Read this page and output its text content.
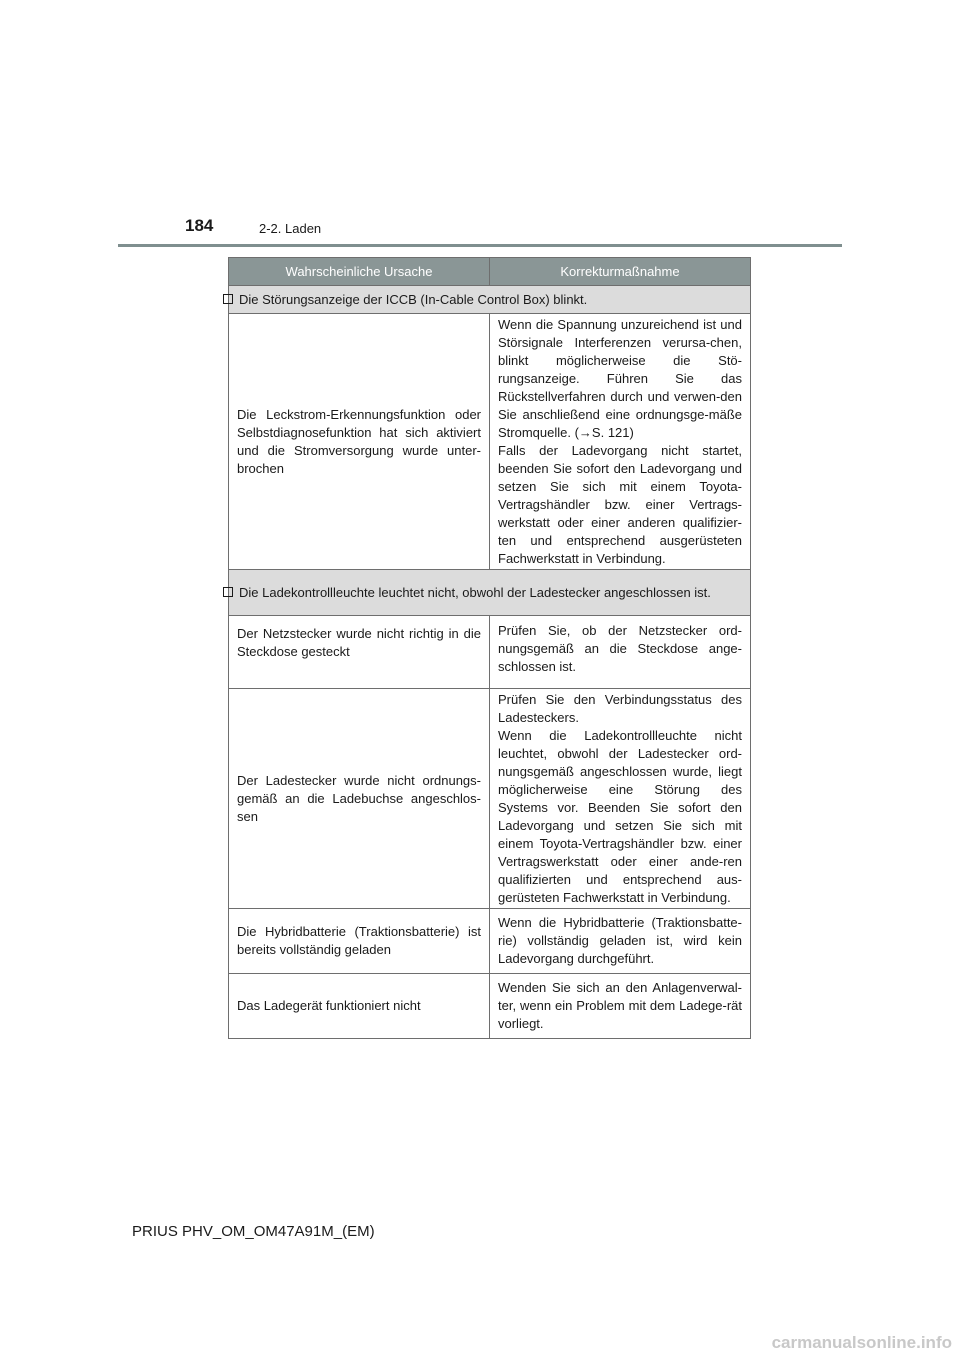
184	2-2. Laden
Wahrscheinliche Ursache	Korrekturmaßnahme
Die Störungsanzeige der ICCB (In-Cable Control Box) blinkt.	
Die Leckstrom-Erkennungsfunktion oder Selbstdiagnosefunktion hat sich aktiviert und die Stromversorgung wurde unter-brochen	Wenn die Spannung unzureichend ist und Störsignale Interferenzen verursa-chen, blinkt möglicherweise die Stö-rungsanzeige. Führen Sie das Rückstellverfahren durch und verwen-den Sie anschließend eine ordnungsge-mäße Stromquelle. (→S. 121)
Falls der Ladevorgang nicht startet, beenden Sie sofort den Ladevorgang und setzen Sie sich mit einem Toyota-Vertragshändler bzw. einer Vertrags-werkstatt oder einer anderen qualifizier-ten und entsprechend ausgerüsteten Fachwerkstatt in Verbindung.

Die Ladekontrollleuchte leuchtet nicht, obwohl der Ladestecker angeschlossen ist.	
Der Netzstecker wurde nicht richtig in die Steckdose gesteckt	Prüfen Sie, ob der Netzstecker ord-nungsgemäß an die Steckdose ange-schlossen ist.

Der Ladestecker wurde nicht ordnungs-gemäß an die Ladebuchse angeschlos-sen	Prüfen Sie den Verbindungsstatus des Ladesteckers.
Wenn die Ladekontrollleuchte nicht leuchtet, obwohl der Ladestecker ord-nungsgemäß angeschlossen wurde, liegt möglicherweise eine Störung des Systems vor. Beenden Sie sofort den Ladevorgang und setzen Sie sich mit einem Toyota-Vertragshändler bzw. einer Vertragswerkstatt oder einer ande-ren qualifizierten und entsprechend aus-gerüsteten Fachwerkstatt in Verbindung.

Die Hybridbatterie (Traktionsbatterie) ist bereits vollständig geladen	Wenn die Hybridbatterie (Traktionsbatte-rie) vollständig geladen ist, wird kein Ladevorgang durchgeführt.

Das Ladegerät funktioniert nicht	Wenden Sie sich an den Anlagenverwal-ter, wenn ein Problem mit dem Ladege-rät vorliegt.
PRIUS PHV_OM_OM47A91M_(EM)
carmanualsonline.info
